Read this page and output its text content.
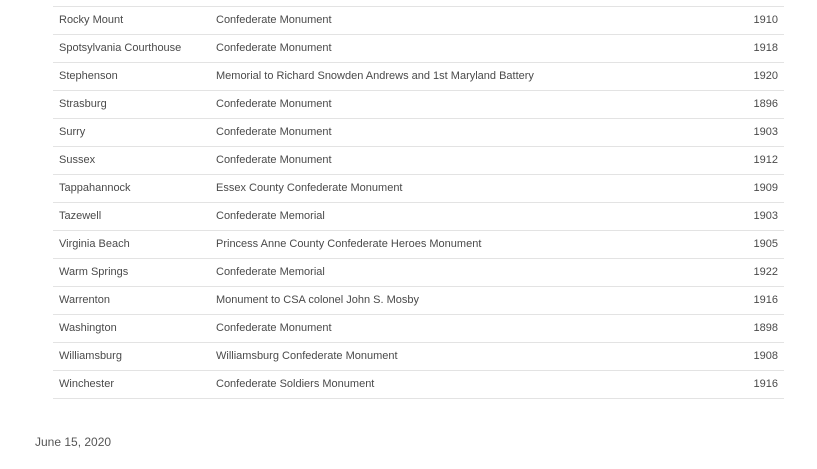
Rocky Mount	Confederate Monument	1910
Spotsylvania Courthouse	Confederate Monument	1918
Stephenson	Memorial to Richard Snowden Andrews and 1st Maryland Battery	1920
Strasburg	Confederate Monument	1896
Surry	Confederate Monument	1903
Sussex	Confederate Monument	1912
Tappahannock	Essex County Confederate Monument	1909
Tazewell	Confederate Memorial	1903
Virginia Beach	Princess Anne County Confederate Heroes Monument	1905
Warm Springs	Confederate Memorial	1922
Warrenton	Monument to CSA colonel John S. Mosby	1916
Washington	Confederate Monument	1898
Williamsburg	Williamsburg Confederate Monument	1908
Winchester	Confederate Soldiers Monument	1916
June 15, 2020
